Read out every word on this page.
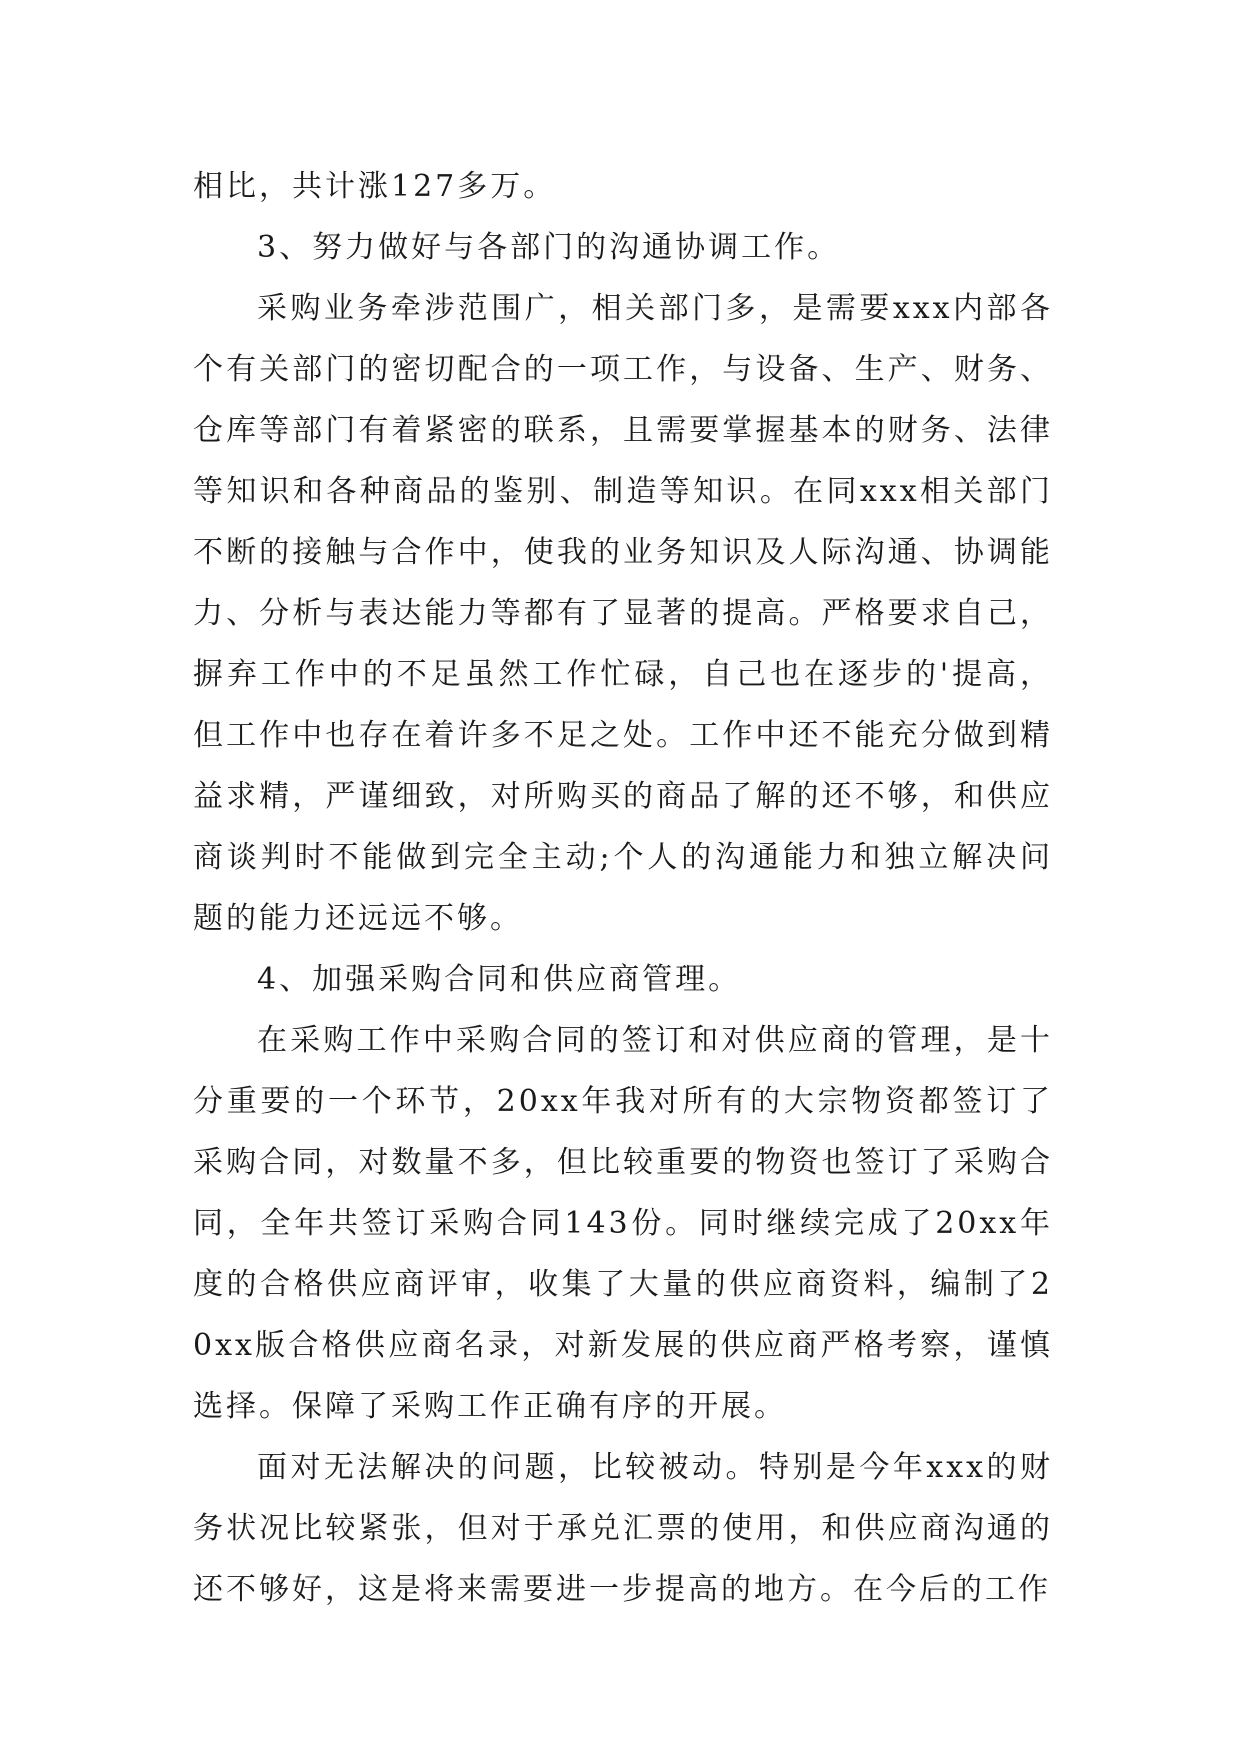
相比，共计涨127多万。

3、努力做好与各部门的沟通协调工作。

采购业务牵涉范围广，相关部门多，是需要xxx内部各个有关部门的密切配合的一项工作，与设备、生产、财务、仓库等部门有着紧密的联系，且需要掌握基本的财务、法律等知识和各种商品的鉴别、制造等知识。在同xxx相关部门不断的接触与合作中，使我的业务知识及人际沟通、协调能力、分析与表达能力等都有了显著的提高。严格要求自己，摒弃工作中的不足虽然工作忙碌，自己也在逐步的'提高，但工作中也存在着许多不足之处。工作中还不能充分做到精益求精，严谨细致，对所购买的商品了解的还不够，和供应商谈判时不能做到完全主动;个人的沟通能力和独立解决问题的能力还远远不够。

4、加强采购合同和供应商管理。

在采购工作中采购合同的签订和对供应商的管理，是十分重要的一个环节，20xx年我对所有的大宗物资都签订了采购合同，对数量不多，但比较重要的物资也签订了采购合同，全年共签订采购合同143份。同时继续完成了20xx年度的合格供应商评审，收集了大量的供应商资料，编制了20xx版合格供应商名录，对新发展的供应商严格考察，谨慎选择。保障了采购工作正确有序的开展。

面对无法解决的问题，比较被动。特别是今年xxx的财务状况比较紧张，但对于承兑汇票的使用，和供应商沟通的还不够好，这是将来需要进一步提高的地方。在今后的工作
